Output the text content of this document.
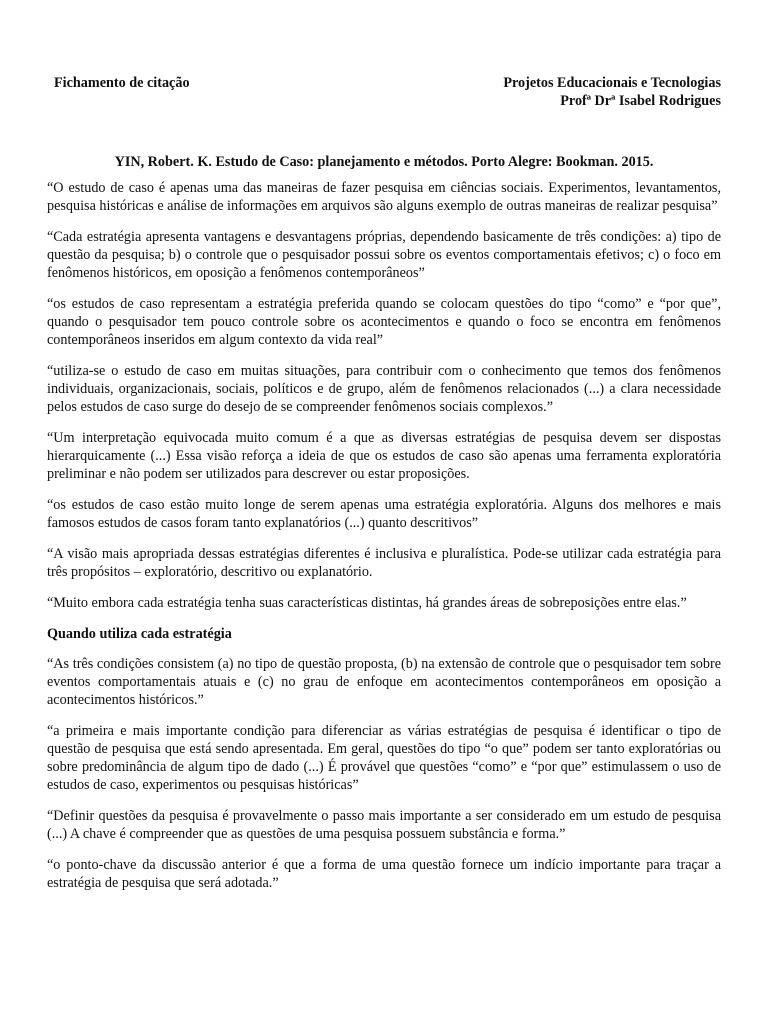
Fichamento de citação	Projetos Educacionais e Tecnologias
Profª Drª Isabel Rodrigues
YIN, Robert. K. Estudo de Caso: planejamento e métodos. Porto Alegre: Bookman. 2015.

“O estudo de caso é apenas uma das maneiras de fazer pesquisa em ciências sociais. Experimentos, levantamentos, pesquisa históricas e análise de informações em arquivos são alguns exemplo de outras maneiras de realizar pesquisa”

“Cada estratégia apresenta vantagens e desvantagens próprias, dependendo basicamente de três condições: a) tipo de questão da pesquisa; b) o controle que o pesquisador possui sobre os eventos comportamentais efetivos; c) o foco em fenômenos históricos, em oposição a fenômenos contemporâneos”

“os estudos de caso representam a estratégia preferida quando se colocam questões do tipo “como” e “por que”, quando o pesquisador tem pouco controle sobre os acontecimentos e quando o foco se encontra em fenômenos contemporâneos inseridos em algum contexto da vida real”

“utiliza-se o estudo de caso em muitas situações, para contribuir com o conhecimento que temos dos fenômenos individuais, organizacionais, sociais, políticos e de grupo, além de fenômenos relacionados (...) a clara necessidade pelos estudos de caso surge do desejo de se compreender fenômenos sociais complexos.”

“Um interpretação equivocada muito comum é a que as diversas estratégias de pesquisa devem ser dispostas hierarquicamente (...) Essa visão reforça a ideia de que os estudos de caso são apenas uma ferramenta exploratória preliminar e não podem ser utilizados para descrever ou estar proposições.

“os estudos de caso estão muito longe de serem apenas uma estratégia exploratória. Alguns dos melhores e mais famosos estudos de casos foram tanto explanatórios (...) quanto descritivos”

“A visão mais apropriada dessas estratégias diferentes é inclusiva e pluralística. Pode-se utilizar cada estratégia para três propósitos – exploratório, descritivo ou explanatório.

“Muito embora cada estratégia tenha suas características distintas, há grandes áreas de sobreposições entre elas.”

Quando utiliza cada estratégia

“As três condições consistem (a) no tipo de questão proposta, (b) na extensão de controle que o pesquisador tem sobre eventos comportamentais atuais e (c) no grau de enfoque em acontecimentos contemporâneos em oposição a acontecimentos históricos.”

“a primeira e mais importante condição para diferenciar as várias estratégias de pesquisa é identificar o tipo de questão de pesquisa que está sendo apresentada. Em geral, questões do tipo “o que” podem ser tanto exploratórias ou sobre predominância de algum tipo de dado (...) É provável que questões “como” e “por que” estimulassem o uso de estudos de caso, experimentos ou pesquisas históricas”

“Definir questões da pesquisa é provavelmente o passo mais importante a ser considerado em um estudo de pesquisa (...) A chave é compreender que as questões de uma pesquisa possuem substância e forma.”

“o ponto-chave da discussão anterior é que a forma de uma questão fornece um indício importante para traçar a estratégia de pesquisa que será adotada.”
